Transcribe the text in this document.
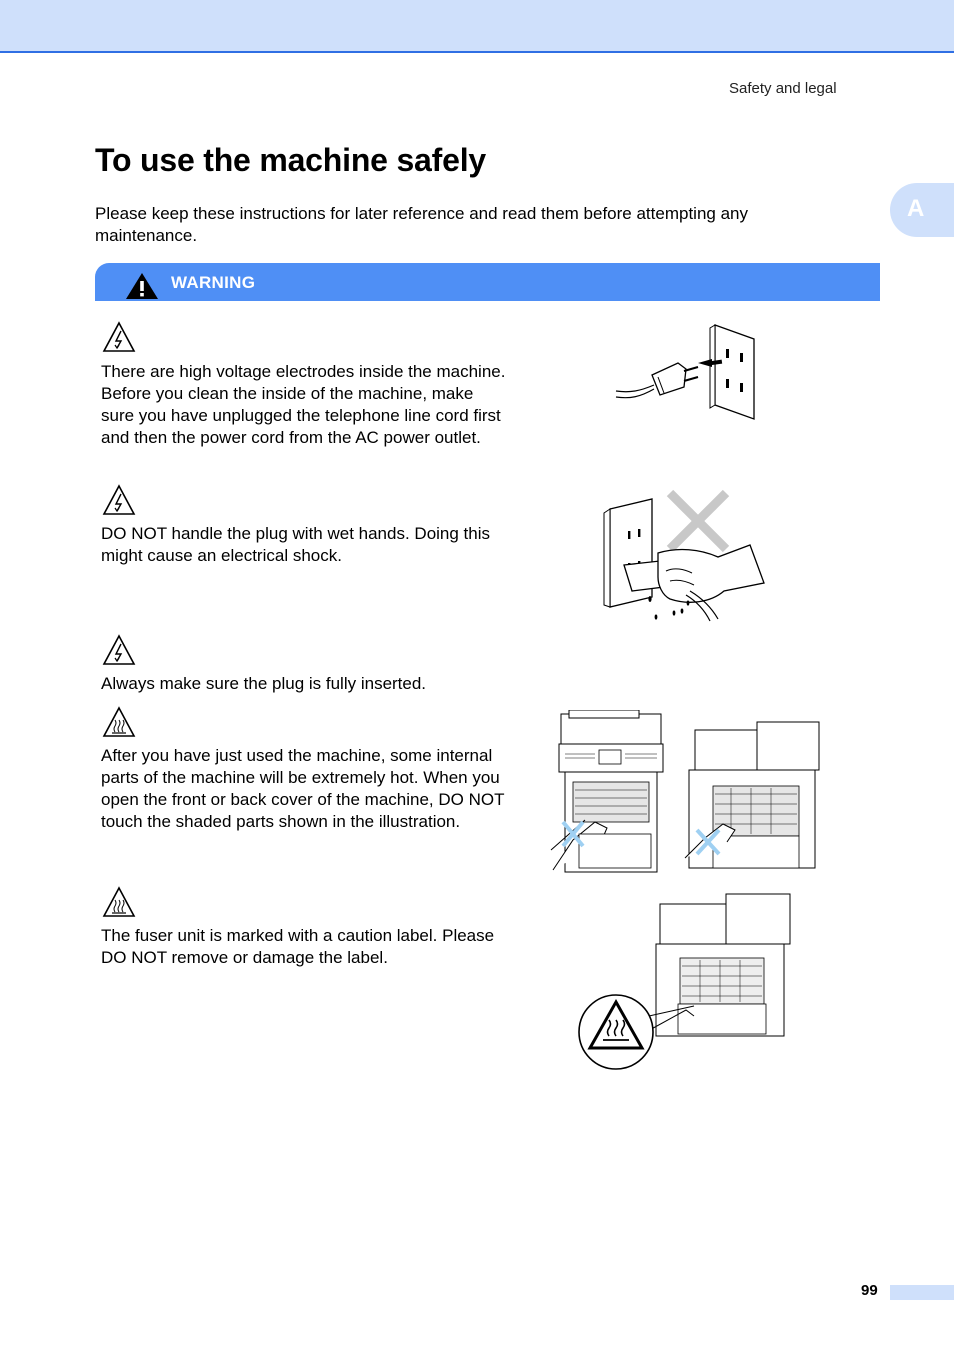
Safety and legal
To use the machine safely
Please keep these instructions for later reference and read them before attempting any maintenance.
A
WARNING
There are high voltage electrodes inside the machine. Before you clean the inside of the machine, make sure you have unplugged the telephone line cord first and then the power cord from the AC power outlet.
DO NOT handle the plug with wet hands. Doing this might cause an electrical shock.
Always make sure the plug is fully inserted.
After you have just used the machine, some internal parts of the machine will be extremely hot. When you open the front or back cover of the machine, DO NOT touch the shaded parts shown in the illustration.
The fuser unit is marked with a caution label. Please DO NOT remove or damage the label.
99
